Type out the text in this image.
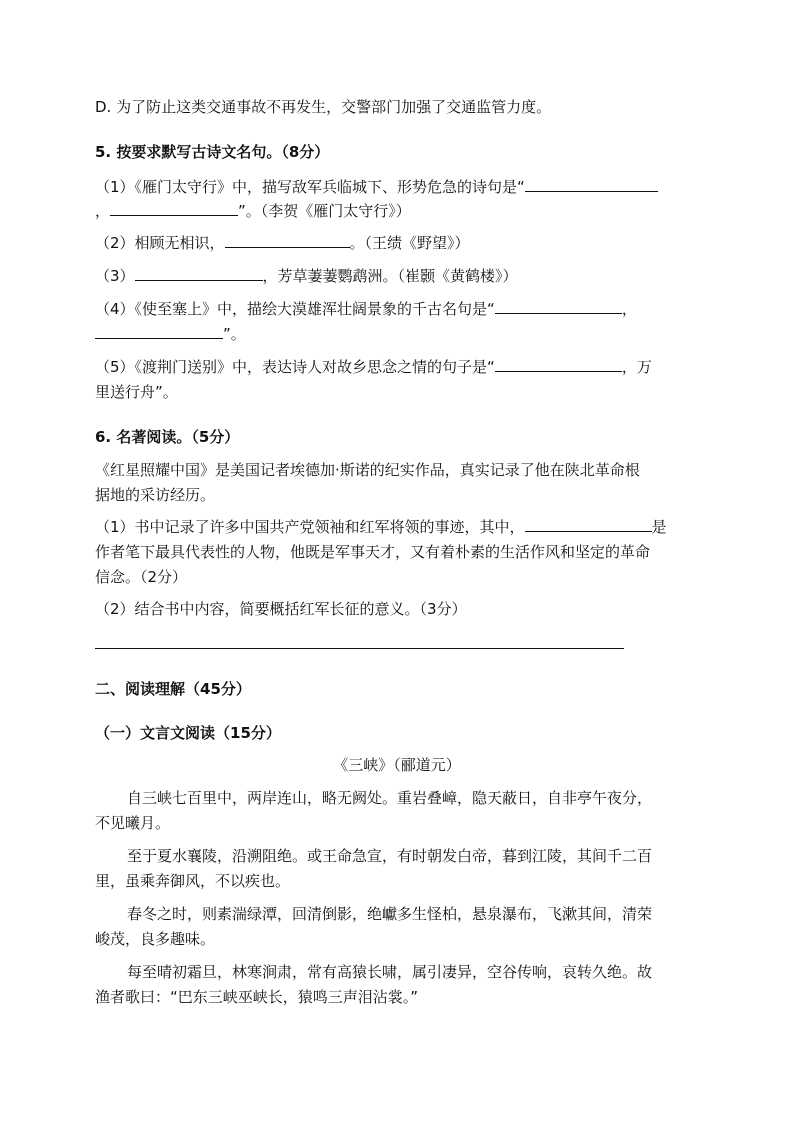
D. 为了防止这类交通事故不再发生，交警部门加强了交通监管力度。
5. 按要求默写古诗文名句。（8分）
（1）《雁门太守行》中，描写敌军兵临城下、形势危急的诗句是“
，	”。（李贺《雁门太守行》）
（2）相顾无相识，	。（王绩《野望》）
（3）	，芳草萋萋鹦鹉洲。（崔颢《黄鹤楼》）
（4）《使至塞上》中，描绘大漠雄浑壮阔景象的千古名句是“	，
”。
（5）《渡荆门送别》中，表达诗人对故乡思念之情的句子是“	，万
里送行舟”。
6. 名著阅读。（5分）
《红星照耀中国》是美国记者埃德加·斯诺的纪实作品，真实记录了他在陕北革命根
据地的采访经历。
（1）书中记录了许多中国共产党领袖和红军将领的事迹，其中，	是
作者笔下最具代表性的人物，他既是军事天才，又有着朴素的生活作风和坚定的革命
信念。（2分）
（2）结合书中内容，简要概括红军长征的意义。（3分）
二、阅读理解（45分）
（一）文言文阅读（15分）
《三峡》（郦道元）
自三峡七百里中，两岸连山，略无阙处。重岩叠嶂，隐天蔽日，自非亭午夜分，
不见曦月。
至于夏水襄陵，沿溯阻绝。或王命急宣，有时朝发白帝，暮到江陵，其间千二百
里，虽乘奔御风，不以疾也。
春冬之时，则素湍绿潭，回清倒影，绝巘多生怪柏，悬泉瀑布，飞漱其间，清荣
峻茂，良多趣味。
每至晴初霜旦，林寒涧肃，常有高猿长啸，属引凄异，空谷传响，哀转久绝。故
渔者歌曰：“巴东三峡巫峡长，猿鸣三声泪沾裳。”
